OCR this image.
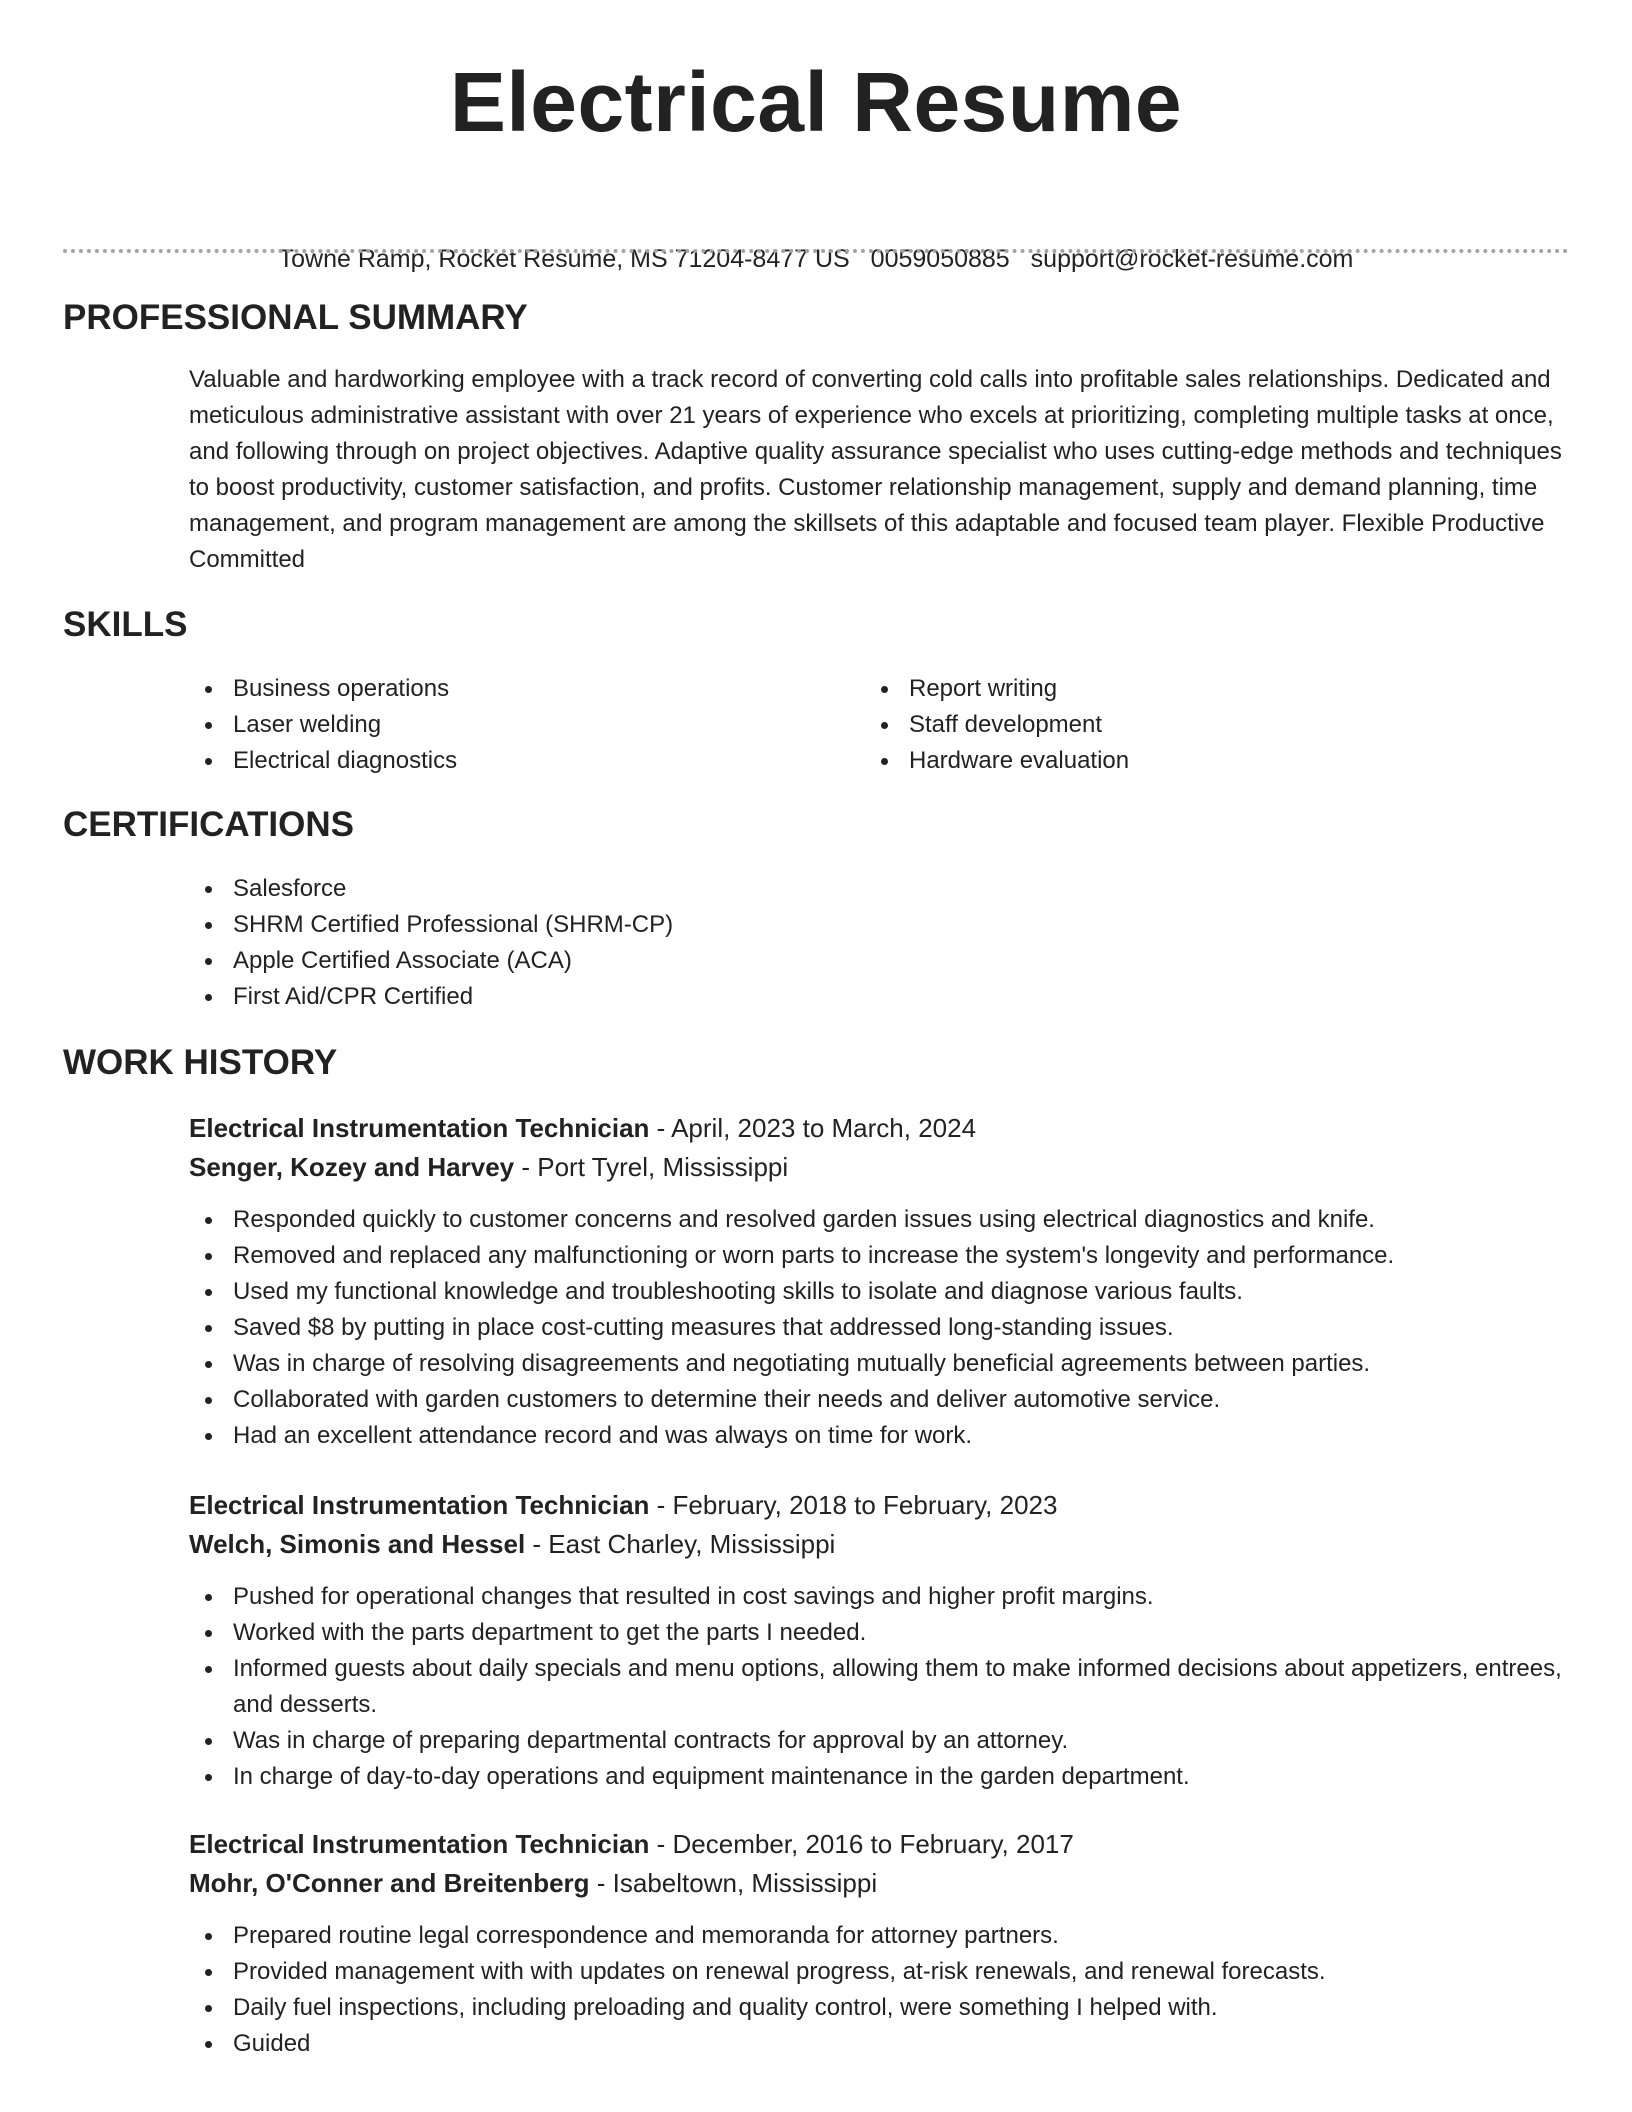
Electrical Resume
Towne Ramp, Rocket Resume, MS 71204-8477 US 0059050885 support@rocket-resume.com
PROFESSIONAL SUMMARY

Valuable and hardworking employee with a track record of converting cold calls into profitable sales relationships. Dedicated and meticulous administrative assistant with over 21 years of experience who excels at prioritizing, completing multiple tasks at once, and following through on project objectives. Adaptive quality assurance specialist who uses cutting-edge methods and techniques to boost productivity, customer satisfaction, and profits. Customer relationship management, supply and demand planning, time management, and program management are among the skillsets of this adaptable and focused team player. Flexible Productive Committed

SKILLS
Business operations
Laser welding
Electrical diagnostics
Report writing
Staff development
Hardware evaluation
CERTIFICATIONS
Salesforce
SHRM Certified Professional (SHRM-CP)
Apple Certified Associate (ACA)
First Aid/CPR Certified
WORK HISTORY
Electrical Instrumentation Technician - April, 2023 to March, 2024
Senger, Kozey and Harvey - Port Tyrel, Mississippi
Responded quickly to customer concerns and resolved garden issues using electrical diagnostics and knife.
Removed and replaced any malfunctioning or worn parts to increase the system's longevity and performance.
Used my functional knowledge and troubleshooting skills to isolate and diagnose various faults.
Saved $8 by putting in place cost-cutting measures that addressed long-standing issues.
Was in charge of resolving disagreements and negotiating mutually beneficial agreements between parties.
Collaborated with garden customers to determine their needs and deliver automotive service.
Had an excellent attendance record and was always on time for work.
Electrical Instrumentation Technician - February, 2018 to February, 2023
Welch, Simonis and Hessel - East Charley, Mississippi
Pushed for operational changes that resulted in cost savings and higher profit margins.
Worked with the parts department to get the parts I needed.
Informed guests about daily specials and menu options, allowing them to make informed decisions about appetizers, entrees, and desserts.
Was in charge of preparing departmental contracts for approval by an attorney.
In charge of day-to-day operations and equipment maintenance in the garden department.
Electrical Instrumentation Technician - December, 2016 to February, 2017
Mohr, O'Conner and Breitenberg - Isabeltown, Mississippi
Prepared routine legal correspondence and memoranda for attorney partners.
Provided management with with updates on renewal progress, at-risk renewals, and renewal forecasts.
Daily fuel inspections, including preloading and quality control, were something I helped with.
Guided
